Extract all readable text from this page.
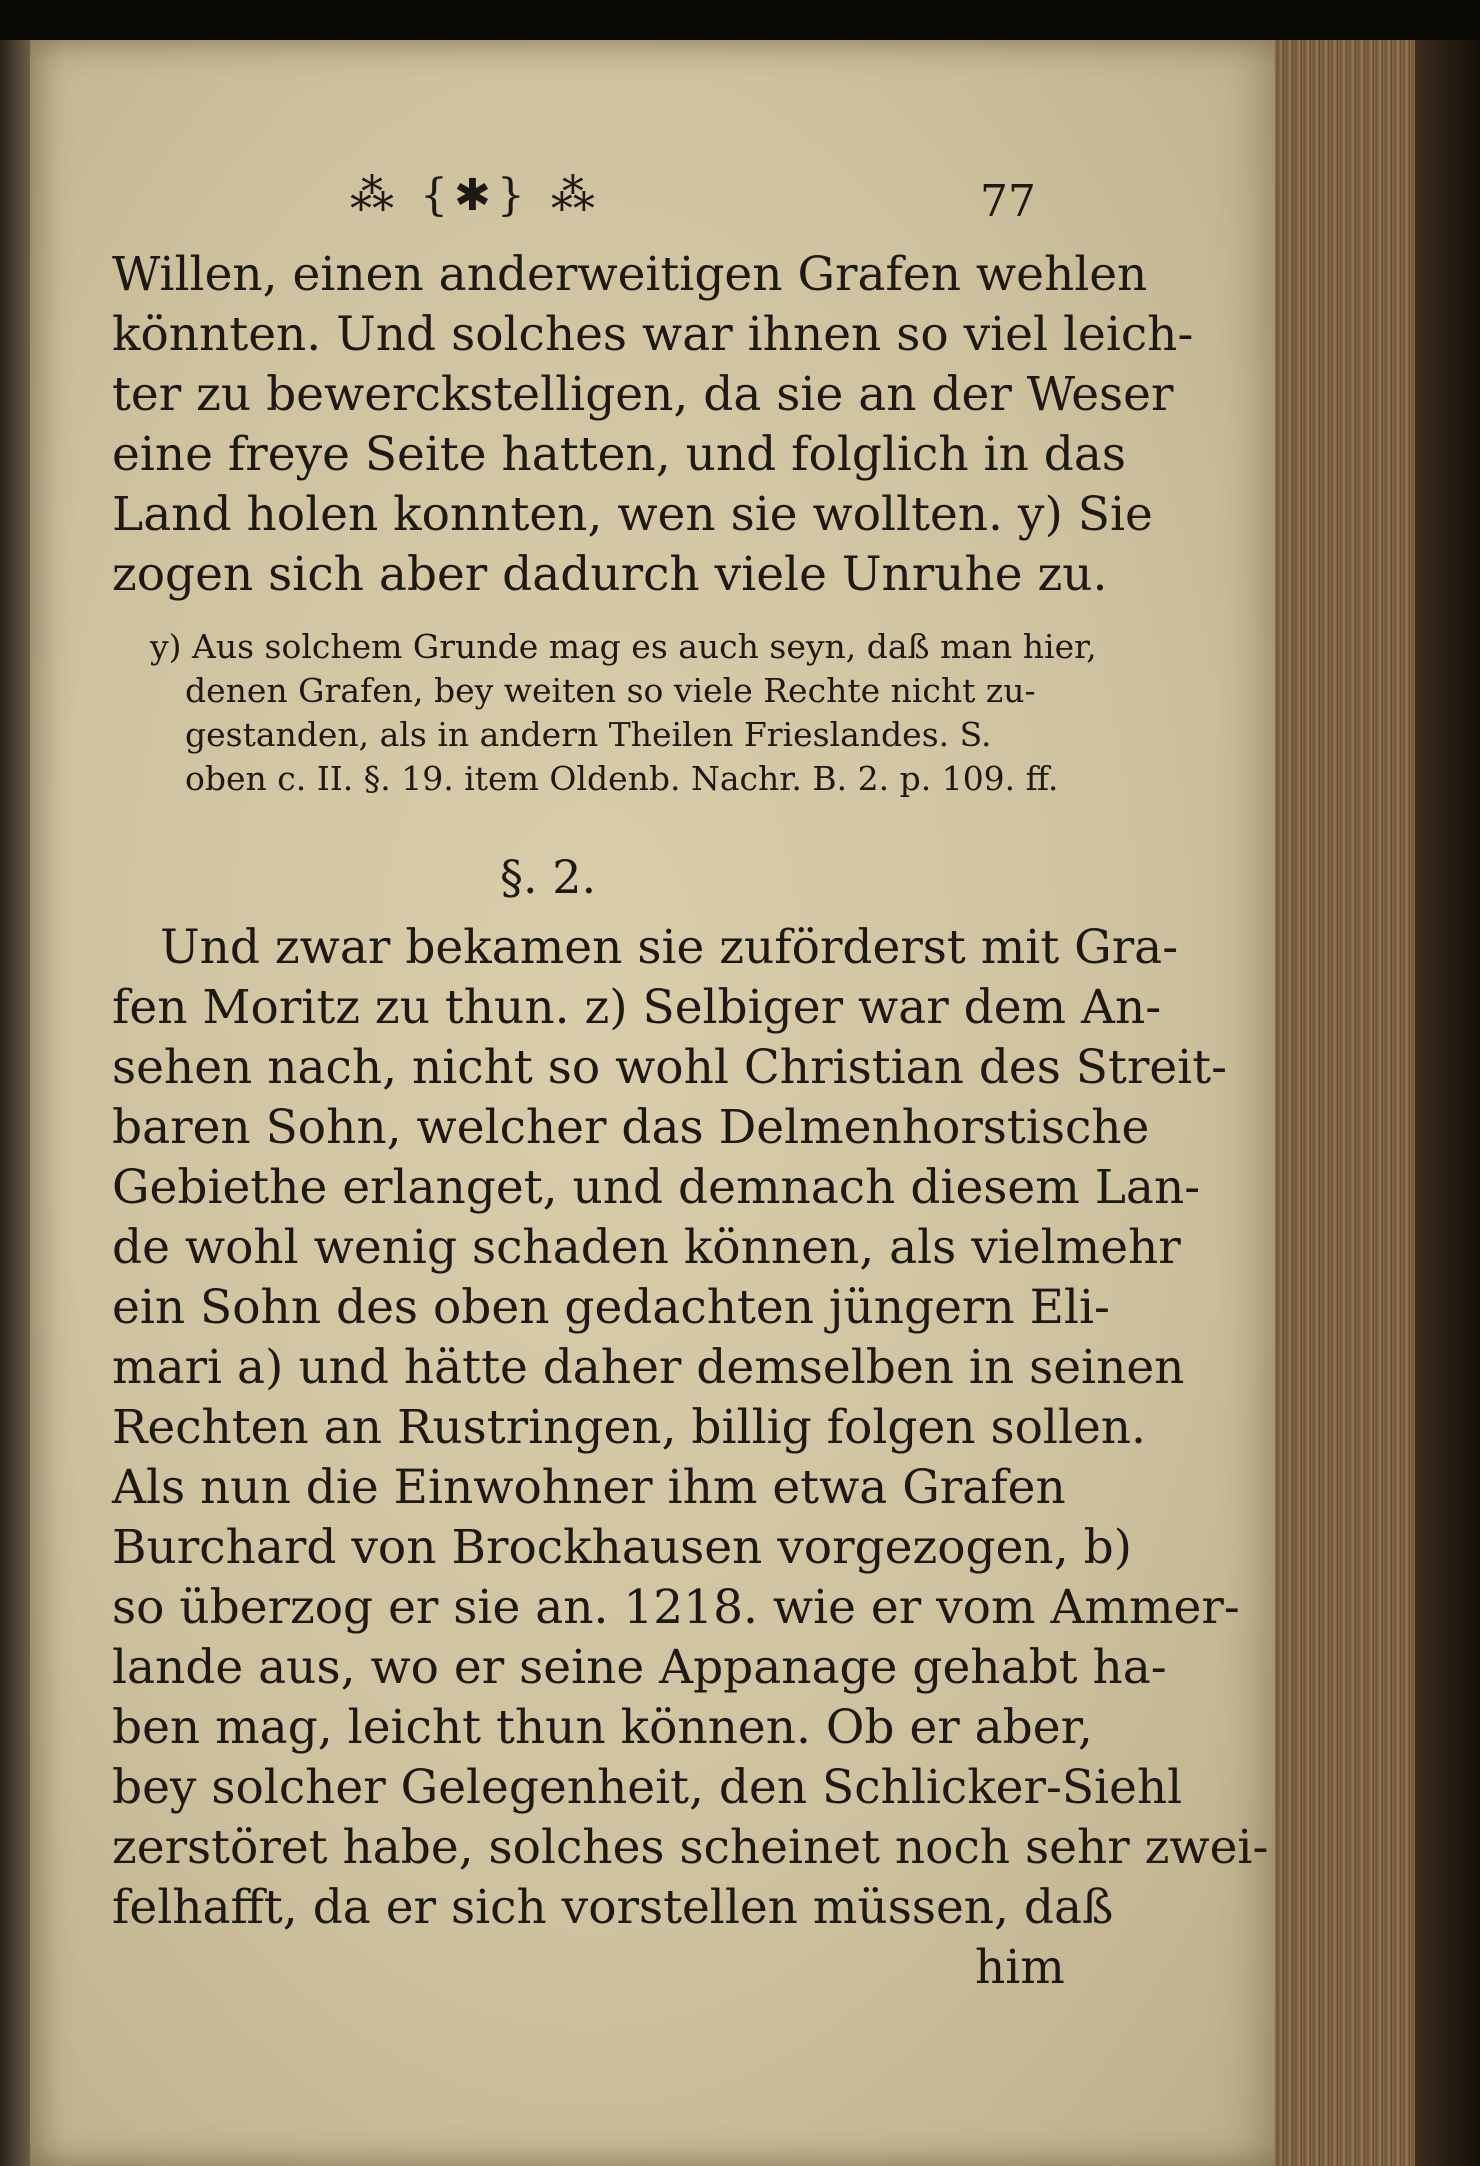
⁂ {✱} ⁂	77
Willen, einen anderweitigen Grafen wehlen
könnten. Und solches war ihnen so viel leich-
ter zu bewerckstelligen, da sie an der Weser
eine freye Seite hatten, und folglich in das
Land holen konnten, wen sie wollten. y) Sie
zogen sich aber dadurch viele Unruhe zu.
y) Aus solchem Grunde mag es auch seyn, daß man hier,
denen Grafen, bey weiten so viele Rechte nicht zu-
gestanden, als in andern Theilen Frieslandes. S.
oben c. II. §. 19. item Oldenb. Nachr. B. 2. p. 109. ff.
§. 2.
Und zwar bekamen sie zuförderst mit Gra-
fen Moritz zu thun. z) Selbiger war dem An-
sehen nach, nicht so wohl Christian des Streit-
baren Sohn, welcher das Delmenhorstische
Gebiethe erlanget, und demnach diesem Lan-
de wohl wenig schaden können, als vielmehr
ein Sohn des oben gedachten jüngern Eli-
mari a) und hätte daher demselben in seinen
Rechten an Rustringen, billig folgen sollen.
Als nun die Einwohner ihm etwa Grafen
Burchard von Brockhausen vorgezogen, b)
so überzog er sie an. 1218. wie er vom Ammer-
lande aus, wo er seine Appanage gehabt ha-
ben mag, leicht thun können. Ob er aber,
bey solcher Gelegenheit, den Schlicker-Siehl
zerstöret habe, solches scheinet noch sehr zwei-
felhafft, da er sich vorstellen müssen, daß
him
